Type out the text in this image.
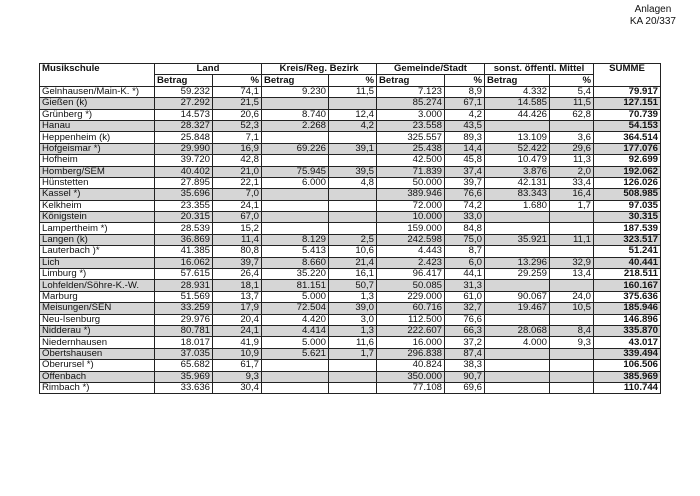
Anlagen
KA 20/337
Musikschule	Land		Kreis/Reg. Bezirk		Gemeinde/Stadt		sonst. öffentl. Mittel		SUMME
	Betrag	%	Betrag	%	Betrag	%	Betrag	%	
Gelnhausen/Main-K. *)	59.232	74,1	9.230	11,5	7.123	8,9	4.332	5,4	79.917
Gießen (k)	27.292	21,5			85.274	67,1	14.585	11,5	127.151
Grünberg *)	14.573	20,6	8.740	12,4	3.000	4,2	44.426	62,8	70.739
Hanau	28.327	52,3	2.268	4,2	23.558	43,5			54.153
Heppenheim (k)	25.848	7,1			325.557	89,3	13.109	3,6	364.514
Hofgeismar *)	29.990	16,9	69.226	39,1	25.438	14,4	52.422	29,6	177.076
Hofheim	39.720	42,8			42.500	45,8	10.479	11,3	92.699
Homberg/SEM	40.402	21,0	75.945	39,5	71.839	37,4	3.876	2,0	192.062
Hünstetten	27.895	22,1	6.000	4,8	50.000	39,7	42.131	33,4	126.026
Kassel *)	35.696	7,0			389.946	76,6	83.343	16,4	508.985
Kelkheim	23.355	24,1			72.000	74,2	1.680	1,7	97.035
Königstein	20.315	67,0			10.000	33,0			30.315
Lampertheim *)	28.539	15,2			159.000	84,8			187.539
Langen (k)	36.869	11,4	8.129	2,5	242.598	75,0	35.921	11,1	323.517
Lauterbach )*	41.385	80,8	5.413	10,6	4.443	8,7			51.241
Lich	16.062	39,7	8.660	21,4	2.423	6,0	13.296	32,9	40.441
Limburg *)	57.615	26,4	35.220	16,1	96.417	44,1	29.259	13,4	218.511
Lohfelden/Söhre-K.-W.	28.931	18,1	81.151	50,7	50.085	31,3			160.167
Marburg	51.569	13,7	5.000	1,3	229.000	61,0	90.067	24,0	375.636
Meisungen/SEN	33.259	17,9	72.504	39,0	60.716	32,7	19.467	10,5	185.946
Neu-Isenburg	29.976	20,4	4.420	3,0	112.500	76,6			146.896
Nidderau *)	80.781	24,1	4.414	1,3	222.607	66,3	28.068	8,4	335.870
Niedernhausen	18.017	41,9	5.000	11,6	16.000	37,2	4.000	9,3	43.017
Obertshausen	37.035	10,9	5.621	1,7	296.838	87,4			339.494
Oberursel *)	65.682	61,7			40.824	38,3			106.506
Offenbach	35.969	9,3			350.000	90,7			385.969
Rimbach *)	33.636	30,4			77.108	69,6			110.744
